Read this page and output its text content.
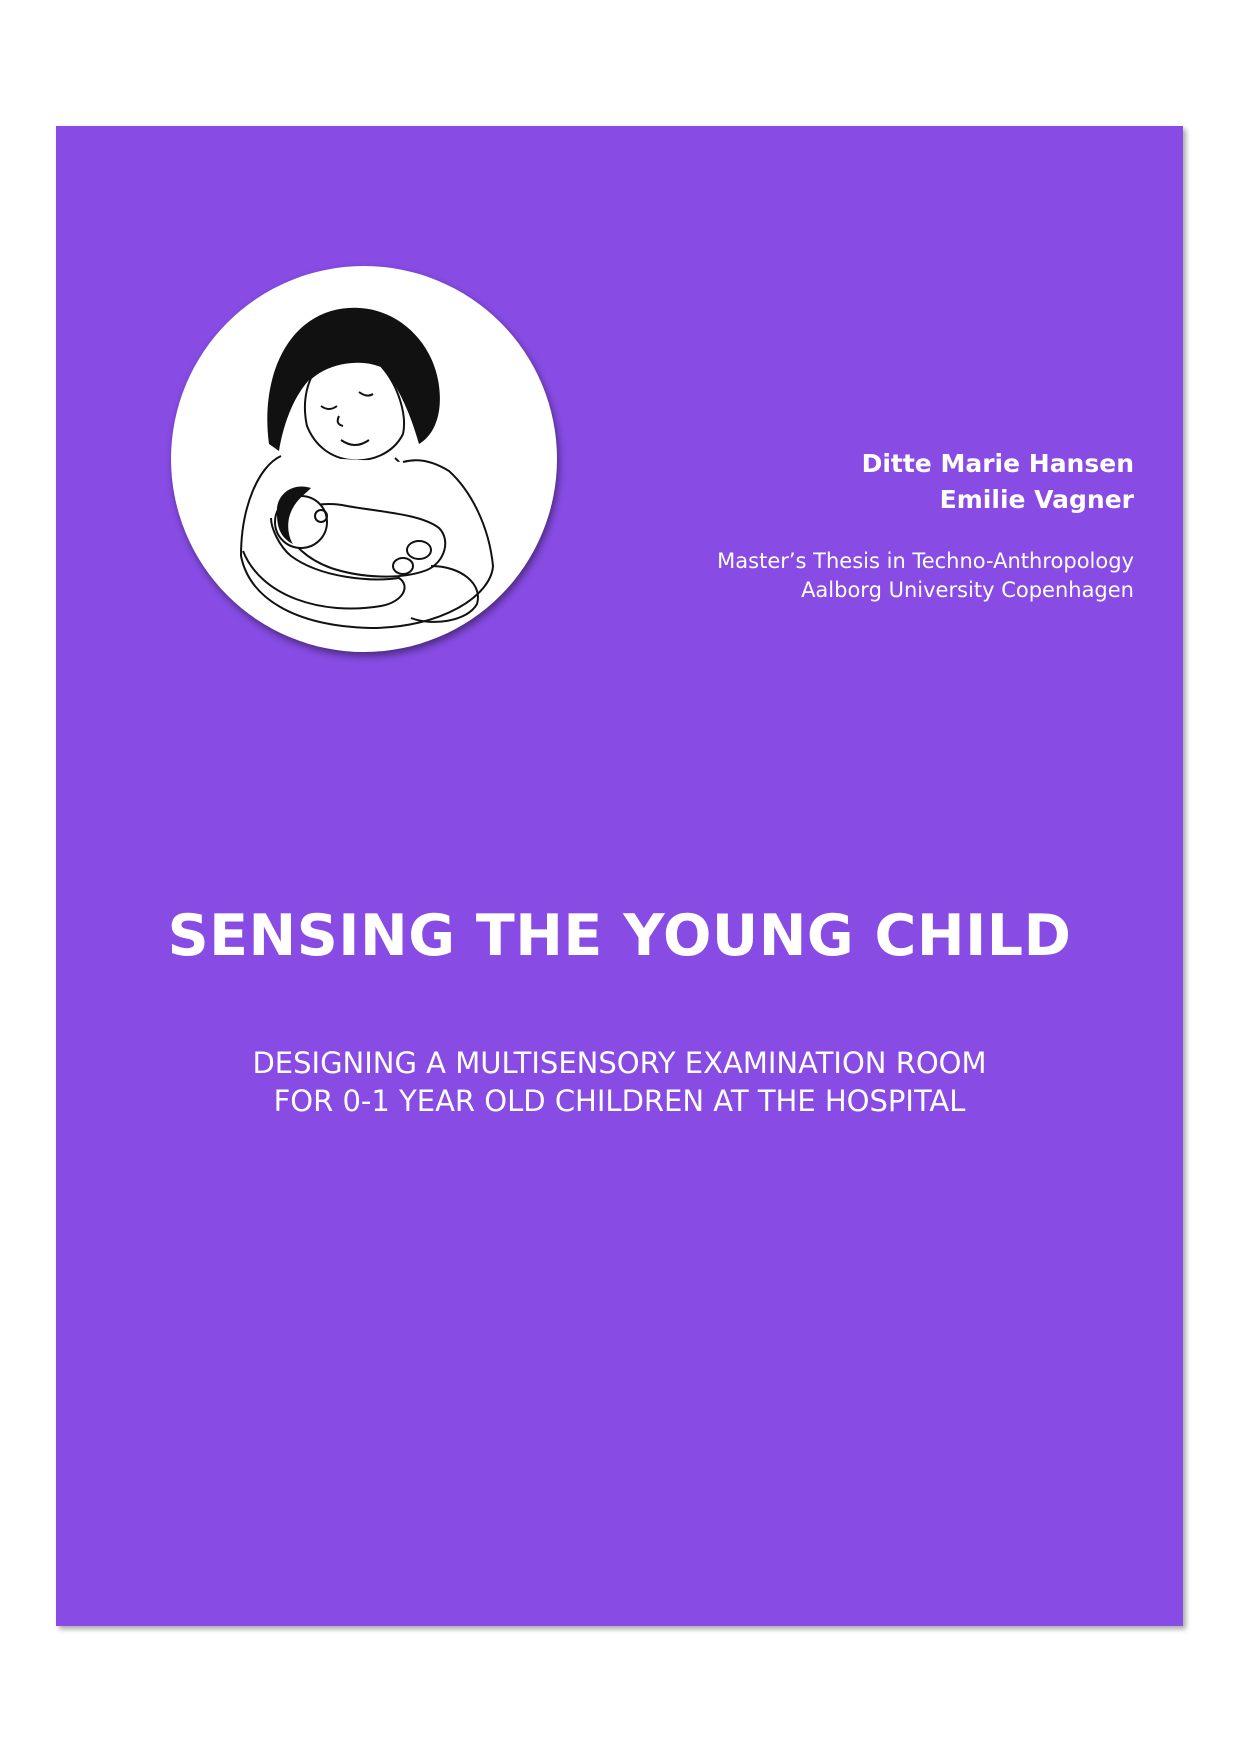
Ditte Marie Hansen
Emilie Vagner
Master’s Thesis in Techno-Anthropology
Aalborg University Copenhagen
SENSING THE YOUNG CHILD
DESIGNING A MULTISENSORY EXAMINATION ROOM
FOR 0-1 YEAR OLD CHILDREN AT THE HOSPITAL
